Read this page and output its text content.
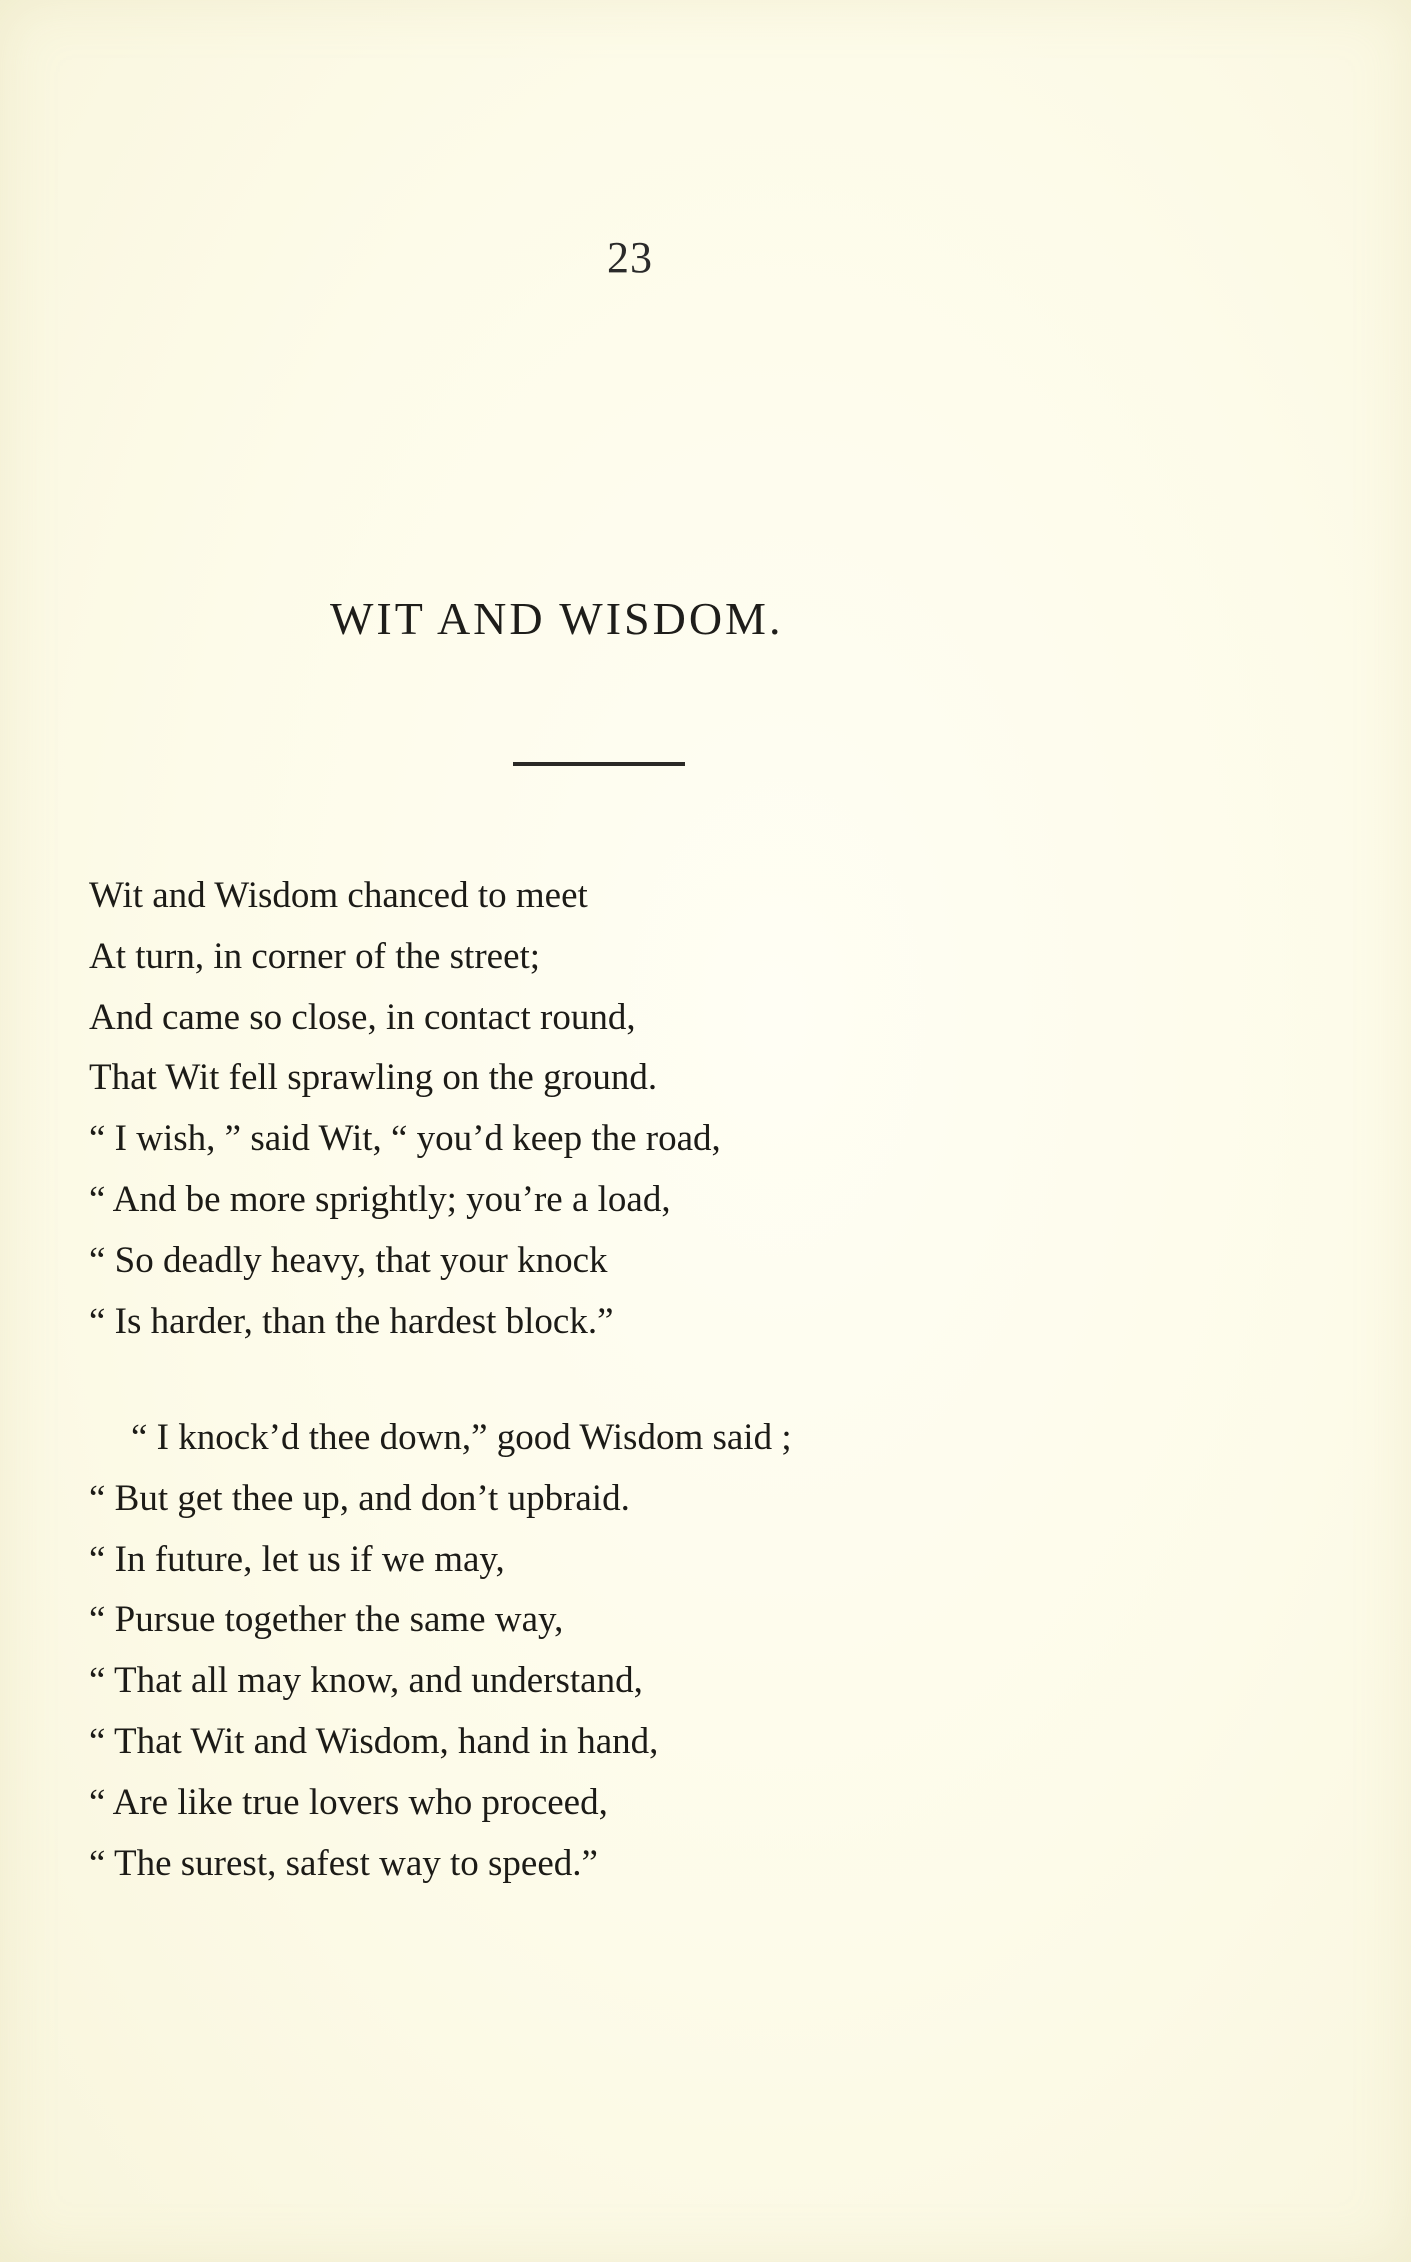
23
WIT AND WISDOM.
Wit and Wisdom chanced to meet
At turn, in corner of the street;
And came so close, in contact round,
That Wit fell sprawling on the ground.
“ I wish, ” said Wit, “ you’d keep the road,
“ And be more sprightly; you’re a load,
“ So deadly heavy, that your knock
“ Is harder, than the hardest block.”
“ I knock’d thee down,” good Wisdom said ;
“ But get thee up, and don’t upbraid.
“ In future, let us if we may,
“ Pursue together the same way,
“ That all may know, and understand,
“ That Wit and Wisdom, hand in hand,
“ Are like true lovers who proceed,
“ The surest, safest way to speed.”
